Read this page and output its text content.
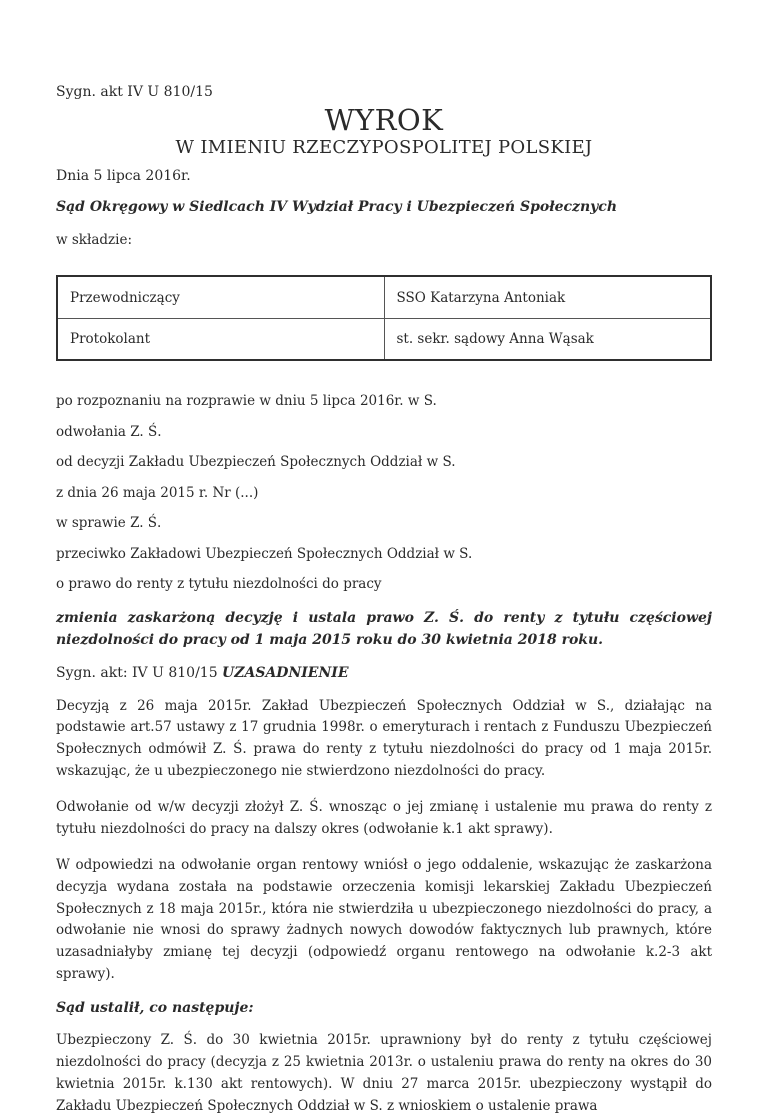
Sygn. akt IV U 810/15
WYROK
W IMIENIU RZECZYPOSPOLITEJ POLSKIEJ
Dnia 5 lipca 2016r.
Sąd Okręgowy w Siedlcach IV Wydział Pracy i Ubezpieczeń Społecznych
w składzie:
Przewodniczący	SSO Katarzyna Antoniak
Protokolant	st. sekr. sądowy Anna Wąsak
po rozpoznaniu na rozprawie w dniu 5 lipca 2016r. w S.
odwołania Z. Ś.
od decyzji Zakładu Ubezpieczeń Społecznych Oddział w S.
z dnia 26 maja 2015 r. Nr (...)
w sprawie Z. Ś.
przeciwko Zakładowi Ubezpieczeń Społecznych Oddział w S.
o prawo do renty z tytułu niezdolności do pracy
zmienia zaskarżoną decyzję i ustala prawo Z. Ś. do renty z tytułu częściowej niezdolności do pracy od 1 maja 2015 roku do 30 kwietnia 2018 roku.
Sygn. akt: IV U 810/15 UZASADNIENIE

Decyzją z 26 maja 2015r. Zakład Ubezpieczeń Społecznych Oddział w S., działając na podstawie art.57 ustawy z 17 grudnia 1998r. o emeryturach i rentach z Funduszu Ubezpieczeń Społecznych odmówił Z. Ś. prawa do renty z tytułu niezdolności do pracy od 1 maja 2015r. wskazując, że u ubezpieczonego nie stwierdzono niezdolności do pracy.

Odwołanie od w/w decyzji złożył Z. Ś. wnosząc o jej zmianę i ustalenie mu prawa do renty z tytułu niezdolności do pracy na dalszy okres (odwołanie k.1 akt sprawy).

W odpowiedzi na odwołanie organ rentowy wniósł o jego oddalenie, wskazując że zaskarżona decyzja wydana została na podstawie orzeczenia komisji lekarskiej Zakładu Ubezpieczeń Społecznych z 18 maja 2015r., która nie stwierdziła u ubezpieczonego niezdolności do pracy, a odwołanie nie wnosi do sprawy żadnych nowych dowodów faktycznych lub prawnych, które uzasadniałyby zmianę tej decyzji (odpowiedź organu rentowego na odwołanie k.2-3 akt sprawy).

Sąd ustalił, co następuje:

Ubezpieczony Z. Ś. do 30 kwietnia 2015r. uprawniony był do renty z tytułu częściowej niezdolności do pracy (decyzja z 25 kwietnia 2013r. o ustaleniu prawa do renty na okres do 30 kwietnia 2015r. k.130 akt rentowych). W dniu 27 marca 2015r. ubezpieczony wystąpił do Zakładu Ubezpieczeń Społecznych Oddział w S. z wnioskiem o ustalenie prawa
